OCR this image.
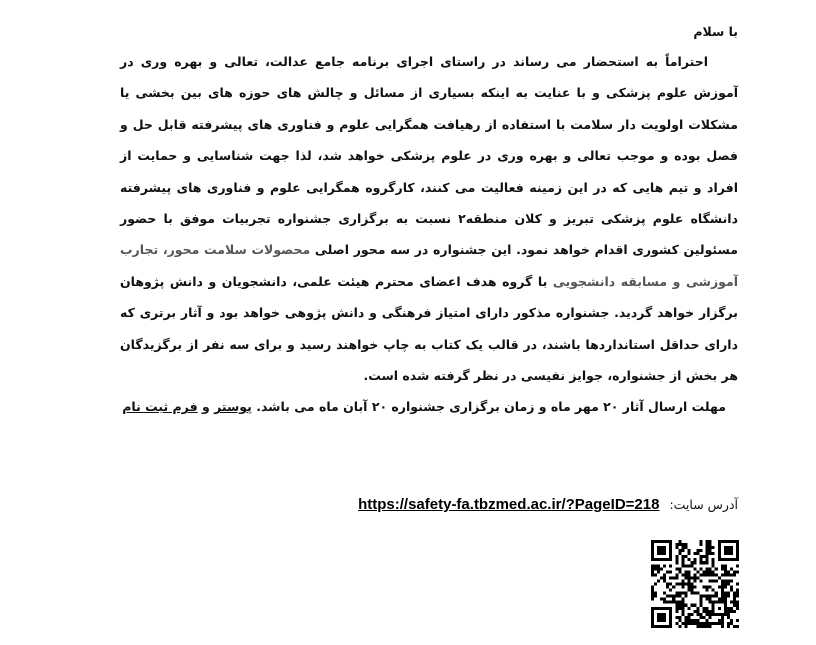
با سلام

احتراماً به استحضار می رساند در راستای اجرای برنامه جامع عدالت، تعالی و بهره وری در آموزش علوم پزشکی و با عنایت به اینکه بسیاری از مسائل و چالش های حوزه های بین بخشی یا مشکلات اولویت دار سلامت با استفاده از رهیافت همگرایی علوم و فناوری های پیشرفته قابل حل و فصل بوده و موجب تعالی و بهره وری در علوم پزشکی خواهد شد، لذا جهت شناسایی و حمایت از افراد و تیم هایی که در این زمینه فعالیت می کنند، کارگروه همگرایی علوم و فناوری های پیشرفته دانشگاه علوم پزشکی تبریز و کلان منطقه۲ نسبت به برگزاری جشنواره تجربیات موفق با حضور مسئولین کشوری اقدام خواهد نمود. این جشنواره در سه محور اصلی محصولات سلامت محور، تجارب آموزشی و مسابقه دانشجویی با گروه هدف اعضای محترم هیئت علمی، دانشجویان و دانش پژوهان برگزار خواهد گردید. جشنواره مذکور دارای امتیاز فرهنگی و دانش پژوهی خواهد بود و آثار برتری که دارای حداقل استانداردها باشند، در قالب یک کتاب به چاپ خواهند رسید و برای سه نفر از برگزیدگان هر بخش از جشنواره، جوایز نفیسی در نظر گرفته شده است.

مهلت ارسال آثار ۲۰ مهر ماه و زمان برگزاری جشنواره ۲۰ آبان ماه می باشد. پوستر و فرم ثبت نام

آدرس سایت:
https://safety-fa.tbzmed.ac.ir/?PageID=218
